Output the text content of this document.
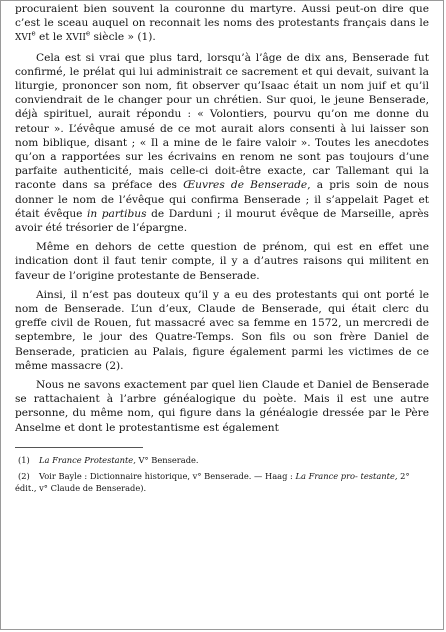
procuraient bien souvent la couronne du martyre. Aussi peut-on dire que c’est le sceau auquel on reconnait les noms des protestants français dans le XVIe et le XVIIe siècle » (1).

Cela est si vrai que plus tard, lorsqu’à l’âge de dix ans, Benserade fut confirmé, le prélat qui lui administrait ce sacrement et qui devait, suivant la liturgie, prononcer son nom, fit observer qu’Isaac était un nom juif et qu’il conviendrait de le changer pour un chrétien. Sur quoi, le jeune Benserade, déjà spirituel, aurait répondu : « Volontiers, pourvu qu’on me donne du retour ». L’évêque amusé de ce mot aurait alors consenti à lui laisser son nom biblique, disant ; « Il a mine de le faire valoir ». Toutes les anecdotes qu’on a rapportées sur les écrivains en renom ne sont pas toujours d’une parfaite authenticité, mais celle-ci doit-être exacte, car Tallemant qui la raconte dans sa préface des Œuvres de Benserade, a pris soin de nous donner le nom de l’évêque qui confirma Benserade ; il s’appelait Paget et était évêque in partibus de Darduni ; il mourut évêque de Marseille, après avoir été trésorier de l’épargne.

Même en dehors de cette question de prénom, qui est en effet une indication dont il faut tenir compte, il y a d’autres raisons qui militent en faveur de l’origine protestante de Benserade.

Ainsi, il n’est pas douteux qu’il y a eu des protestants qui ont porté le nom de Benserade. L’un d’eux, Claude de Benserade, qui était clerc du greffe civil de Rouen, fut massacré avec sa femme en 1572, un mercredi de septembre, le jour des Quatre-Temps. Son fils ou son frère Daniel de Benserade, praticien au Palais, figure également parmi les victimes de ce même massacre (2).

Nous ne savons exactement par quel lien Claude et Daniel de Benserade se rattachaient à l’arbre généalogique du poète. Mais il est une autre personne, du même nom, qui figure dans la généalogie dressée par le Père Anselme et dont le protestantisme est également

(1) La France Protestante, V° Benserade.

(2) Voir Bayle : Dictionnaire historique, v° Benserade. — Haag : La France pro- testante, 2° édit., v° Claude de Benserade).
